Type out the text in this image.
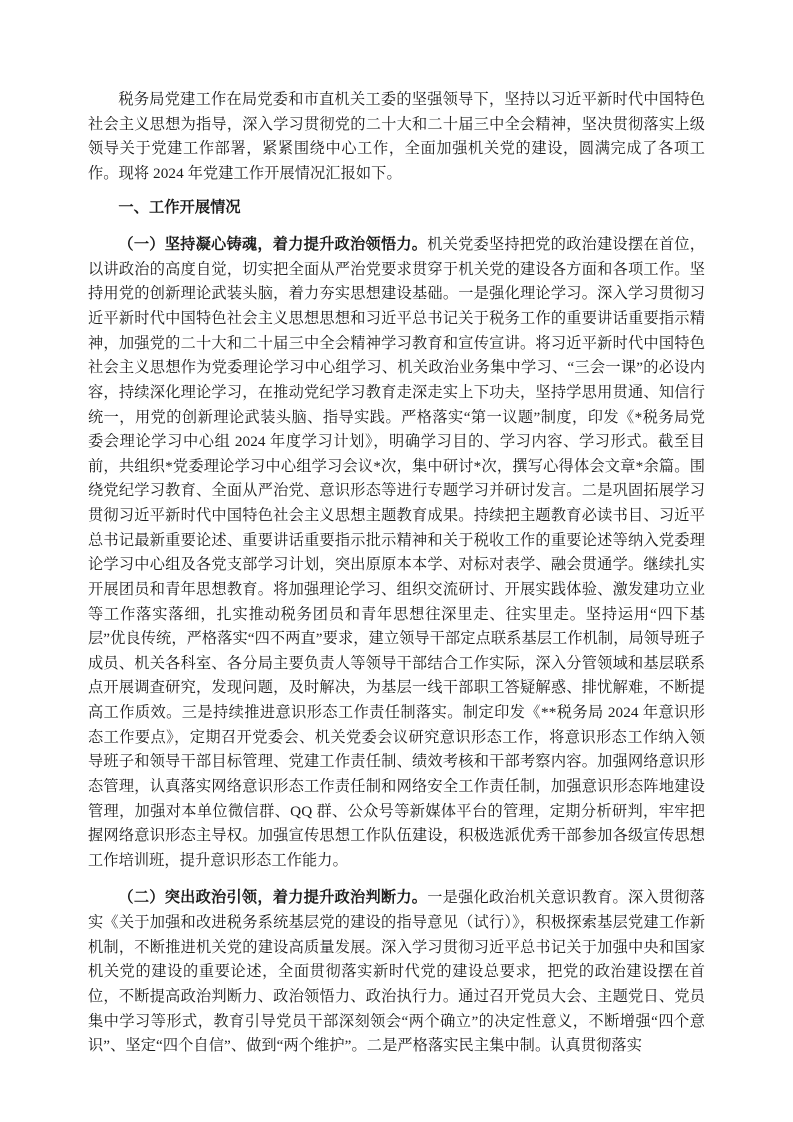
税务局党建工作在局党委和市直机关工委的坚强领导下，坚持以习近平新时代中国特色社会主义思想为指导，深入学习贯彻党的二十大和二十届三中全会精神，坚决贯彻落实上级领导关于党建工作部署，紧紧围绕中心工作，全面加强机关党的建设，圆满完成了各项工作。现将 2024 年党建工作开展情况汇报如下。

一、工作开展情况

（一）坚持凝心铸魂，着力提升政治领悟力。机关党委坚持把党的政治建设摆在首位，以讲政治的高度自觉，切实把全面从严治党要求贯穿于机关党的建设各方面和各项工作。坚持用党的创新理论武装头脑，着力夯实思想建设基础。一是强化理论学习。深入学习贯彻习近平新时代中国特色社会主义思想思想和习近平总书记关于税务工作的重要讲话重要指示精神，加强党的二十大和二十届三中全会精神学习教育和宣传宣讲。将习近平新时代中国特色社会主义思想作为党委理论学习中心组学习、机关政治业务集中学习、“三会一课”的必设内容，持续深化理论学习，在推动党纪学习教育走深走实上下功夫，坚持学思用贯通、知信行统一，用党的创新理论武装头脑、指导实践。严格落实“第一议题”制度，印发《*税务局党委会理论学习中心组 2024 年度学习计划》，明确学习目的、学习内容、学习形式。截至目前，共组织*党委理论学习中心组学习会议*次，集中研讨*次，撰写心得体会文章*余篇。围绕党纪学习教育、全面从严治党、意识形态等进行专题学习并研讨发言。二是巩固拓展学习贯彻习近平新时代中国特色社会主义思想主题教育成果。持续把主题教育必读书目、习近平总书记最新重要论述、重要讲话重要指示批示精神和关于税收工作的重要论述等纳入党委理论学习中心组及各党支部学习计划，突出原原本本学、对标对表学、融会贯通学。继续扎实开展团员和青年思想教育。将加强理论学习、组织交流研讨、开展实践体验、激发建功立业等工作落实落细，扎实推动税务团员和青年思想往深里走、往实里走。坚持运用“四下基层”优良传统，严格落实“四不两直”要求，建立领导干部定点联系基层工作机制，局领导班子成员、机关各科室、各分局主要负责人等领导干部结合工作实际，深入分管领域和基层联系点开展调查研究，发现问题，及时解决，为基层一线干部职工答疑解惑、排忧解难，不断提高工作质效。三是持续推进意识形态工作责任制落实。制定印发《**税务局 2024 年意识形态工作要点》，定期召开党委会、机关党委会议研究意识形态工作，将意识形态工作纳入领导班子和领导干部目标管理、党建工作责任制、绩效考核和干部考察内容。加强网络意识形态管理，认真落实网络意识形态工作责任制和网络安全工作责任制，加强意识形态阵地建设管理，加强对本单位微信群、QQ 群、公众号等新媒体平台的管理，定期分析研判，牢牢把握网络意识形态主导权。加强宣传思想工作队伍建设，积极选派优秀干部参加各级宣传思想工作培训班，提升意识形态工作能力。

（二）突出政治引领，着力提升政治判断力。一是强化政治机关意识教育。深入贯彻落实《关于加强和改进税务系统基层党的建设的指导意见（试行）》，积极探索基层党建工作新机制，不断推进机关党的建设高质量发展。深入学习贯彻习近平总书记关于加强中央和国家机关党的建设的重要论述，全面贯彻落实新时代党的建设总要求，把党的政治建设摆在首位，不断提高政治判断力、政治领悟力、政治执行力。通过召开党员大会、主题党日、党员集中学习等形式，教育引导党员干部深刻领会“两个确立”的决定性意义，不断增强“四个意识”、坚定“四个自信”、做到“两个维护”。二是严格落实民主集中制。认真贯彻落实
